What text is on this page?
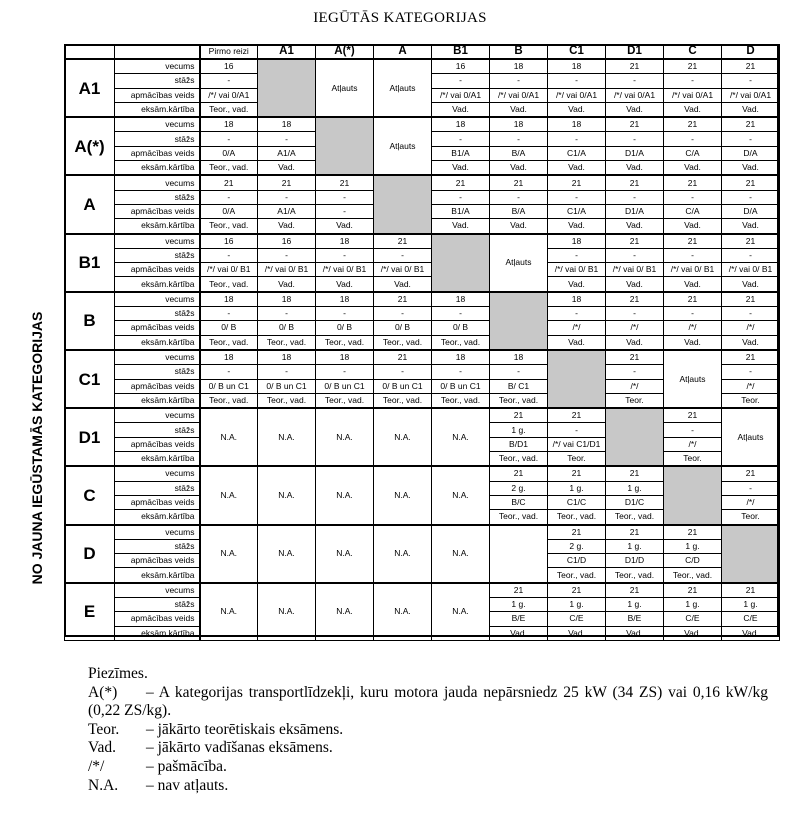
IEGŪTĀS KATEGORIJAS
NO JAUNA IEGŪSTAMĀS KATEGORIJAS
		Pirmo reizi	A1	A(*)	A	B1	B	C1	D1	C	D
A1	vecums	16		Atļauts	Atļauts	16	18	18	21	21	21
	stāžs	-				-	-	-	-	-	-
	apmācības veids	/*/ vai 0/A1				/*/ vai 0/A1	/*/ vai 0/A1	/*/ vai 0/A1	/*/ vai 0/A1	/*/ vai 0/A1	/*/ vai 0/A1
	eksām.kārtība	Teor., vad.				Vad.	Vad.	Vad.	Vad.	Vad.	Vad.
A(*)	vecums	18	18		Atļauts	18	18	18	21	21	21
	stāžs	-	-			-	-	-	-	-	-
	apmācības veids	0/A	A1/A			B1/A	B/A	C1/A	D1/A	C/A	D/A
	eksām.kārtība	Teor., vad.	Vad.			Vad.	Vad.	Vad.	Vad.	Vad.	Vad.
A	vecums	21	21	21		21	21	21	21	21	21
	stāžs	-	-	-		-	-	-	-	-	-
	apmācības veids	0/A	A1/A	-		B1/A	B/A	C1/A	D1/A	C/A	D/A
	eksām.kārtība	Teor., vad.	Vad.	Vad.		Vad.	Vad.	Vad.	Vad.	Vad.	Vad.
B1	vecums	16	16	18	21		Atļauts	18	21	21	21
	stāžs	-	-	-	-			-	-	-	-
	apmācības veids	/*/ vai 0/ B1	/*/ vai 0/ B1	/*/ vai 0/ B1	/*/ vai 0/ B1			/*/ vai 0/ B1	/*/ vai 0/ B1	/*/ vai 0/ B1	/*/ vai 0/ B1
	eksām.kārtība	Teor., vad.	Vad.	Vad.	Vad.			Vad.	Vad.	Vad.	Vad.
B	vecums	18	18	18	21	18		18	21	21	21
	stāžs	-	-	-	-	-		-	-	-	-
	apmācības veids	0/ B	0/ B	0/ B	0/ B	0/ B		/*/	/*/	/*/	/*/
	eksām.kārtība	Teor., vad.	Teor., vad.	Teor., vad.	Teor., vad.	Teor., vad.		Vad.	Vad.	Vad.	Vad.
C1	vecums	18	18	18	21	18	18		21	Atļauts	21
	stāžs	-	-	-	-	-	-		-		-
	apmācības veids	0/ B un C1	0/ B un C1	0/ B un C1	0/ B un C1	0/ B un C1	B/ C1		/*/		/*/
	eksām.kārtība	Teor., vad.	Teor., vad.	Teor., vad.	Teor., vad.	Teor., vad.	Teor., vad.		Teor.		Teor.
D1	vecums	N.A.	N.A.	N.A.	N.A.	N.A.	21	21		21	Atļauts
	stāžs						1 g.	-		-	
	apmācības veids						B/D1	/*/ vai C1/D1		/*/	
	eksām.kārtība						Teor., vad.	Teor.		Teor.	
C	vecums	N.A.	N.A.	N.A.	N.A.	N.A.	21	21	21		21
	stāžs						2 g.	1 g.	1 g.		-
	apmācības veids						B/C	C1/C	D1/C		/*/
	eksām.kārtība						Teor., vad.	Teor., vad.	Teor., vad.		Teor.
D	vecums	N.A.	N.A.	N.A.	N.A.	N.A.		21	21	21	
	stāžs							2 g.	1 g.	1 g.	
	apmācības veids							C1/D	D1/D	C/D	
	eksām.kārtība							Teor., vad.	Teor., vad.	Teor., vad.	
E	vecums	N.A.	N.A.	N.A.	N.A.	N.A.	21	21	21	21	21
	stāžs						1 g.	1 g.	1 g.	1 g.	1 g.
	apmācības veids						B/E	C/E	B/E	C/E	C/E
	eksām.kārtība						Vad.	Vad.	Vad.	Vad.	Vad.

Piezīmes.

A(*) – A kategorijas transportlīdzekļi, kuru motora jauda nepārsniedz 25 kW (34 ZS) vai 0,16 kW/kg (0,22 ZS/kg).

Teor. – jākārto teorētiskais eksāmens.

Vad. – jākārto vadīšanas eksāmens.

/*/	– pašmācība.

N.A. – nav atļauts.
